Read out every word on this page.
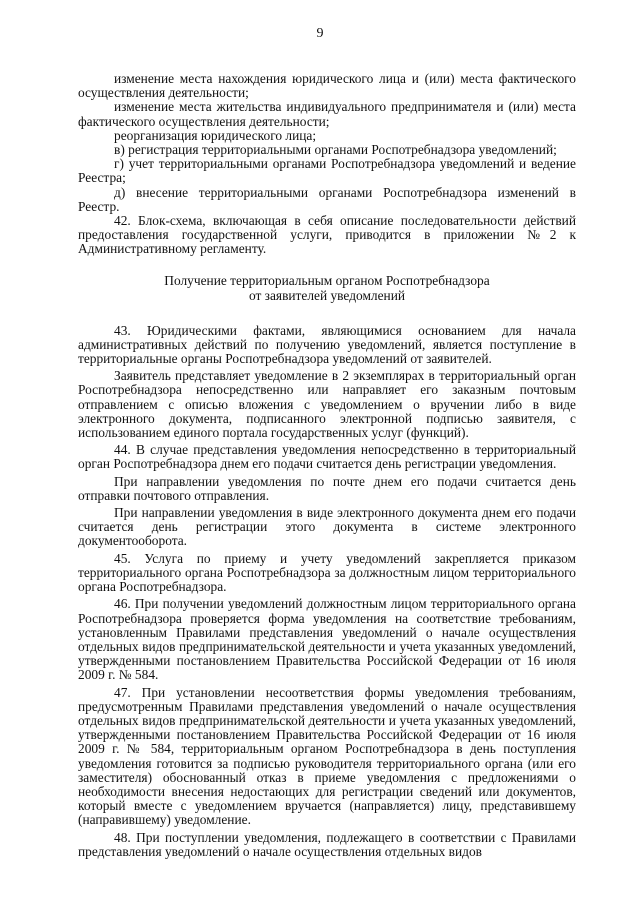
9

изменение места нахождения юридического лица и (или) места фактического осуществления деятельности;

изменение места жительства индивидуального предпринимателя и (или) места фактического осуществления деятельности;

реорганизация юридического лица;

в) регистрация территориальными органами Роспотребнадзора уведомлений;

г) учет территориальными органами Роспотребнадзора уведомлений и ведение Реестра;

д) внесение территориальными органами Роспотребнадзора изменений в Реестр.

42. Блок-схема, включающая в себя описание последовательности действий предоставления государственной услуги, приводится в приложении №2 к Административному регламенту.

Получение территориальным органом Роспотребнадзора
от заявителей уведомлений

43. Юридическими фактами, являющимися основанием для начала административных действий по получению уведомлений, является поступление в территориальные органы Роспотребнадзора уведомлений от заявителей.

Заявитель представляет уведомление в 2 экземплярах в территориальный орган Роспотребнадзора непосредственно или направляет его заказным почтовым отправлением с описью вложения с уведомлением о вручении либо в виде электронного документа, подписанного электронной подписью заявителя, с использованием единого портала государственных услуг (функций).

44. В случае представления уведомления непосредственно в территориальный орган Роспотребнадзора днем его подачи считается день регистрации уведомления.

При направлении уведомления по почте днем его подачи считается день отправки почтового отправления.

При направлении уведомления в виде электронного документа днем его подачи считается день регистрации этого документа в системе электронного документооборота.

45. Услуга по приему и учету уведомлений закрепляется приказом территориального органа Роспотребнадзора за должностным лицом территориального органа Роспотребнадзора.

46. При получении уведомлений должностным лицом территориального органа Роспотребнадзора проверяется форма уведомления на соответствие требованиям, установленным Правилами представления уведомлений о начале осуществления отдельных видов предпринимательской деятельности и учета указанных уведомлений, утвержденными постановлением Правительства Российской Федерации от 16 июля 2009 г. № 584.

47. При установлении несоответствия формы уведомления требованиям, предусмотренным Правилами представления уведомлений о начале осуществления отдельных видов предпринимательской деятельности и учета указанных уведомлений, утвержденными постановлением Правительства Российской Федерации от 16 июля 2009 г. № 584, территориальным органом Роспотребнадзора в день поступления уведомления готовится за подписью руководителя территориального органа (или его заместителя) обоснованный отказ в приеме уведомления с предложениями о необходимости внесения недостающих для регистрации сведений или документов, который вместе с уведомлением вручается (направляется) лицу, представившему (направившему) уведомление.

48. При поступлении уведомления, подлежащего в соответствии с Правилами представления уведомлений о начале осуществления отдельных видов
